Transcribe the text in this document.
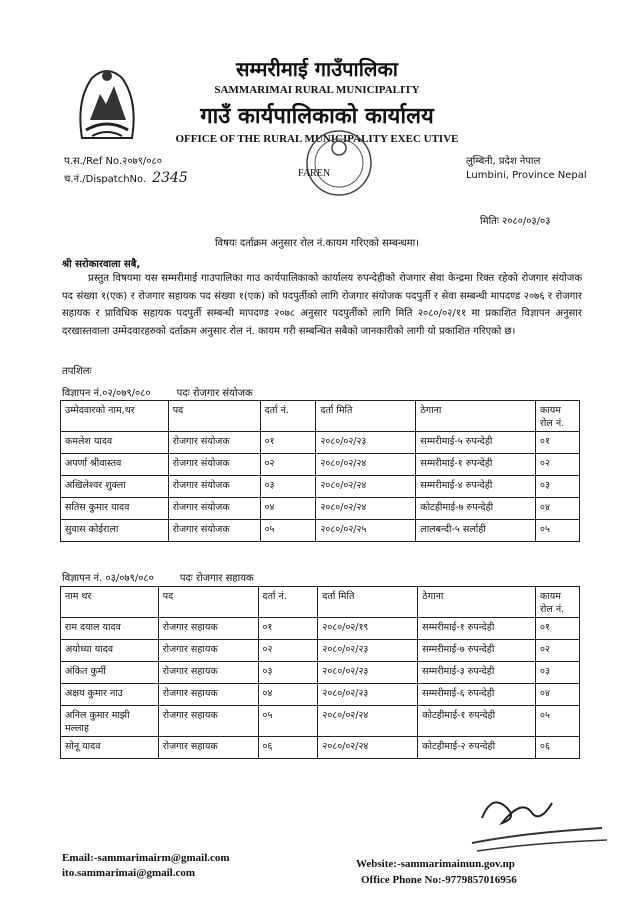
सम्मरीमाई गाउँपालिका
SAMMARIMAI RURAL MUNICIPALITY
गाउँ कार्यपालिकाको कार्यालय
OFFICE OF THE RURAL MUNICIPALITY EXEC UTIVE
प.स./Ref No.२०७९/०८०
च.नं./DispatchNo. 2345	FAREN
लुम्बिनी, प्रदेश नेपाल
Lumbini, Province Nepal
मितिः २०८०/०३/०३
विषयः दर्ताक्रम अनुसार रोल नं.कायम गरिएको सम्बन्धमा।
श्री सरोकारवाला सबै,

प्रस्तुत विषयमा यस सम्मरीमाई गाउपालिका गाउ कार्यपालिकाको कार्यालय रुपन्देहीको रोजगार सेवा केन्द्रमा रिक्त रहेको रोजगार संयोजक पद संख्या १(एक) र रोजगार सहायक पद संख्या १(एक) को पदपुर्तीको लागि रोजगार संयोजक पदपुर्ती र सेवा सम्बन्धी मापदण्ड २०७६ र रोजगार सहायक र प्राविधिक सहायक पदपुर्ती सम्बन्धी मापदण्ड २०७८ अनुसार पदपुर्तीको लागि मिति २०८०/०२/११ मा प्रकाशित विज्ञापन अनुसार दरखास्तवाला उम्मेदवारहरुको दर्ताक्रम अनुसार रोल नं. कायम गरी सम्बन्धित सबैको जानकारीको लागी यो प्रकाशित गरिएको छ।

तपशिलः
विज्ञापन नं.०२/०७९/०८०	पदः रोजगार संयोजक
उम्मेदवारको नाम,थर	पद	दर्ता नं.	दर्ता मिति	ठेगाना	कायम रोल नं.
कमलेश यादव	रोजगार संयोजक	०१	२०८०/०२/२३	सम्मरीमाई-५ रुपन्देही	०१
अपर्णा श्रीवास्तव	रोजगार संयोजक	०२	२०८०/०२/२४	सम्मरीमाई-१ रुपन्देही	०२
अखिलेश्वर शुक्ला	रोजगार संयोजक	०३	२०८०/०२/२४	सम्मरीमाई-४ रुपन्देही	०३
सतिस कुमार यादव	रोजगार संयोजक	०४	२०८०/०२/२४	कोटहीमाई-७ रुपन्देही	०४
सुवास कोईराला	रोजगार संयोजक	०५	२०८०/०२/२५	लालबन्दी-५ सर्लाही	०५
विज्ञापन नं. ०३/०७९/०८०	पदः रोजगार सहायक
नाम थर	पद	दर्ता नं.	दर्ता मिति	ठेगाना	कायम रोल नं.
राम दयाल यादव	रोजगार सहायक	०१	२०८०/०२/१९	सम्मरीमाई-१ रुपन्देही	०१
अयोध्या यादव	रोजगार सहायक	०२	२०८०/०२/२३	सम्मरीमाई-७ रुपन्देही	०२
अंकित कुर्मी	रोजगार सहायक	०३	२०८०/०२/२३	सम्मरीमाई-३ रुपन्देही	०३
अक्षय कुमार नाउ	रोजगार सहायक	०४	२०८०/०२/२३	सम्मरीमाई-६ रुपन्देही	०४
अनिल कुमार माझी मल्लाह	रोजगार सहायक	०५	२०८०/०२/२४	कोटहीमाई-१ रुपन्देही	०५
सोनू यादव	रोजगार सहायक	०६	२०८०/०२/२४	कोटहीमाई-२ रुपन्देही	०६
Email:-sammarimairm@gmail.com
ito.sammarimai@gmail.com
Website:-sammarimaimun.gov.np
Office Phone No:-9779857016956
